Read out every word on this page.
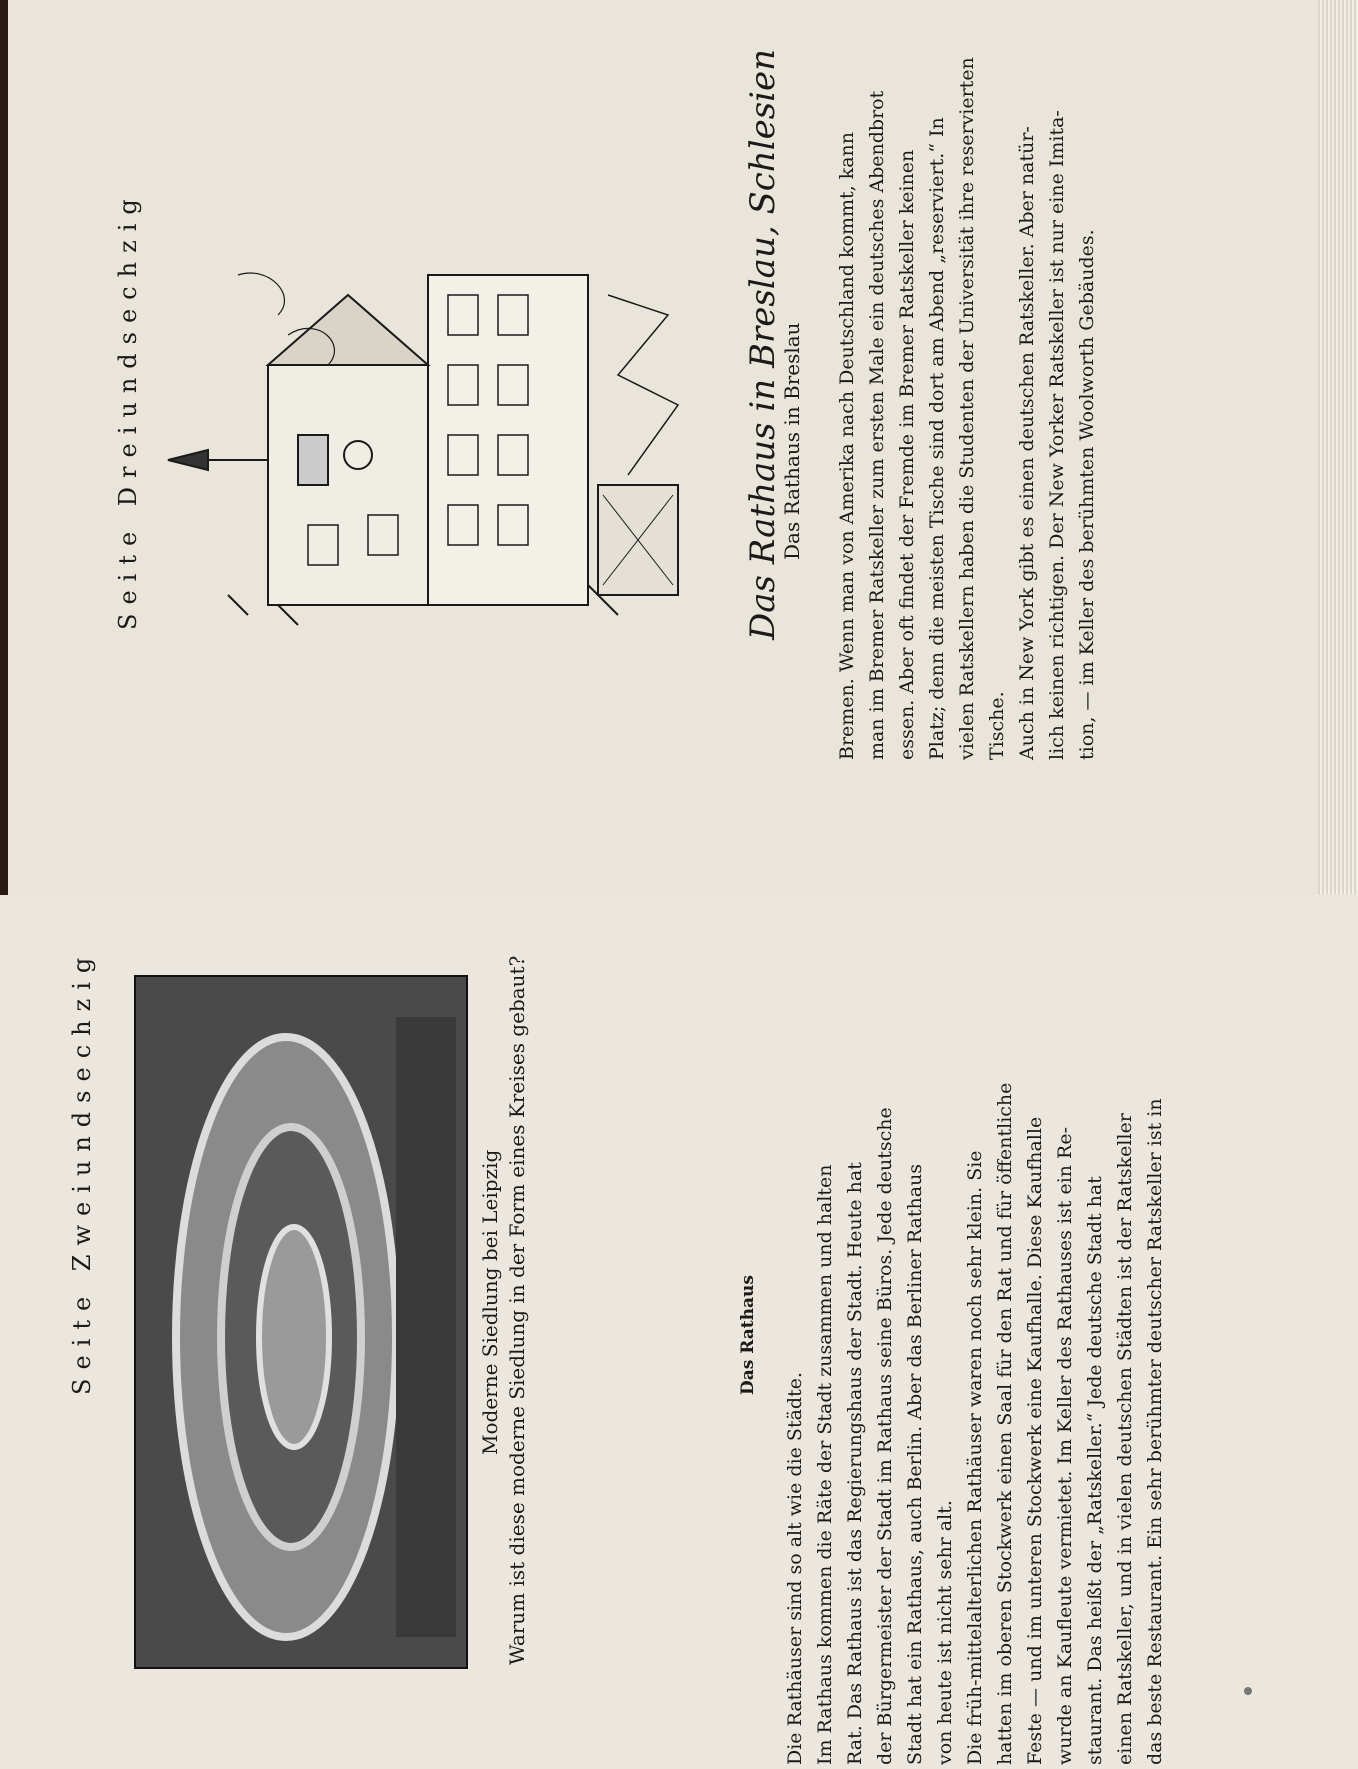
Seite Dreiundsechzig	Das Rathaus in Breslau, Schlesien
Das Rathaus in Breslau Bremen. Wenn man von Amerika nach Deutschland kommt, kann man im Bremer Ratskeller zum ersten Male ein deutsches Abendbrot essen. Aber oft findet der Fremde im Bremer Ratskeller keinen Platz; denn die meisten Tische sind dort am Abend „reserviert.“ In vielen Ratskellern haben die Studenten der Universität ihre reservierten Tische. Auch in New York gibt es einen deutschen Ratskeller. Aber natür- lich keinen richtigen. Der New Yorker Ratskeller ist nur eine Imita- tion, — im Keller des berühmten Woolworth Gebäudes.
Seite Zweiundsechzig	Moderne Siedlung bei Leipzig Warum ist diese moderne Siedlung in der Form eines Kreises gebaut?	Das Rathaus
Die Rathäuser sind so alt wie die Städte. Im Rathaus kommen die Räte der Stadt zusammen und halten Rat. Das Rathaus ist das Regierungshaus der Stadt. Heute hat der Bürgermeister der Stadt im Rathaus seine Büros. Jede deutsche Stadt hat ein Rathaus, auch Berlin. Aber das Berliner Rathaus von heute ist nicht sehr alt. Die früh-mittelalterlichen Rathäuser waren noch sehr klein. Sie hatten im oberen Stockwerk einen Saal für den Rat und für öffentliche Feste — und im unteren Stockwerk eine Kaufhalle. Diese Kaufhalle wurde an Kaufleute vermietet. Im Keller des Rathauses ist ein Re- staurant. Das heißt der „Ratskeller.“ Jede deutsche Stadt hat einen Ratskeller, und in vielen deutschen Städten ist der Ratskeller das beste Restaurant. Ein sehr berühmter deutscher Ratskeller ist in
